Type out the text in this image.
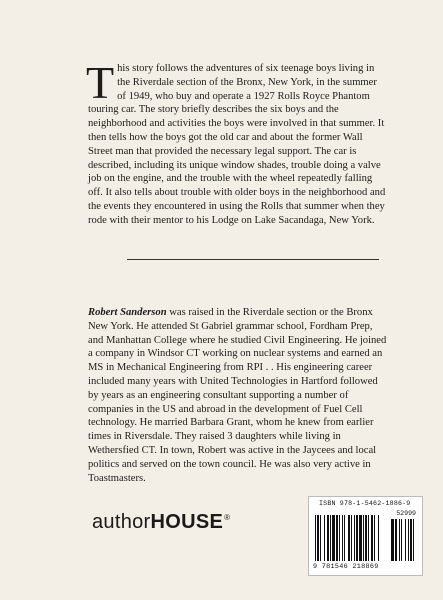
This story follows the adventures of six teenage boys living in the Riverdale section of the Bronx, New York, in the summer of 1949, who buy and operate a 1927 Rolls Royce Phantom touring car. The story briefly describes the six boys and the neighborhood and activities the boys were involved in that summer. It then tells how the boys got the old car and about the former Wall Street man that provided the necessary legal support. The car is described, including its unique window shades, trouble doing a valve job on the engine, and the trouble with the wheel repeatedly falling off. It also tells about trouble with older boys in the neighborhood and the events they encountered in using the Rolls that summer when they rode with their mentor to his Lodge on Lake Sacandaga, New York.
Robert Sanderson was raised in the Riverdale section or the Bronx New York. He attended St Gabriel grammar school, Fordham Prep, and Manhattan College where he studied Civil Engineering. He joined a company in Windsor CT working on nuclear systems and earned an MS in Mechanical Engineering from RPI . . His engineering career included many years with United Technologies in Hartford followed by years as an engineering consultant supporting a number of companies in the US and abroad in the development of Fuel Cell technology. He married Barbara Grant, whom he knew from earlier times in Riversdale. They raised 3 daughters while living in Wethersfied CT. In town, Robert was active in the Jaycees and local politics and served on the town council. He was also very active in Toastmasters.
authorHOUSE®
ISBN 978-1-5462-1886-9
52999
9 781546 218869
